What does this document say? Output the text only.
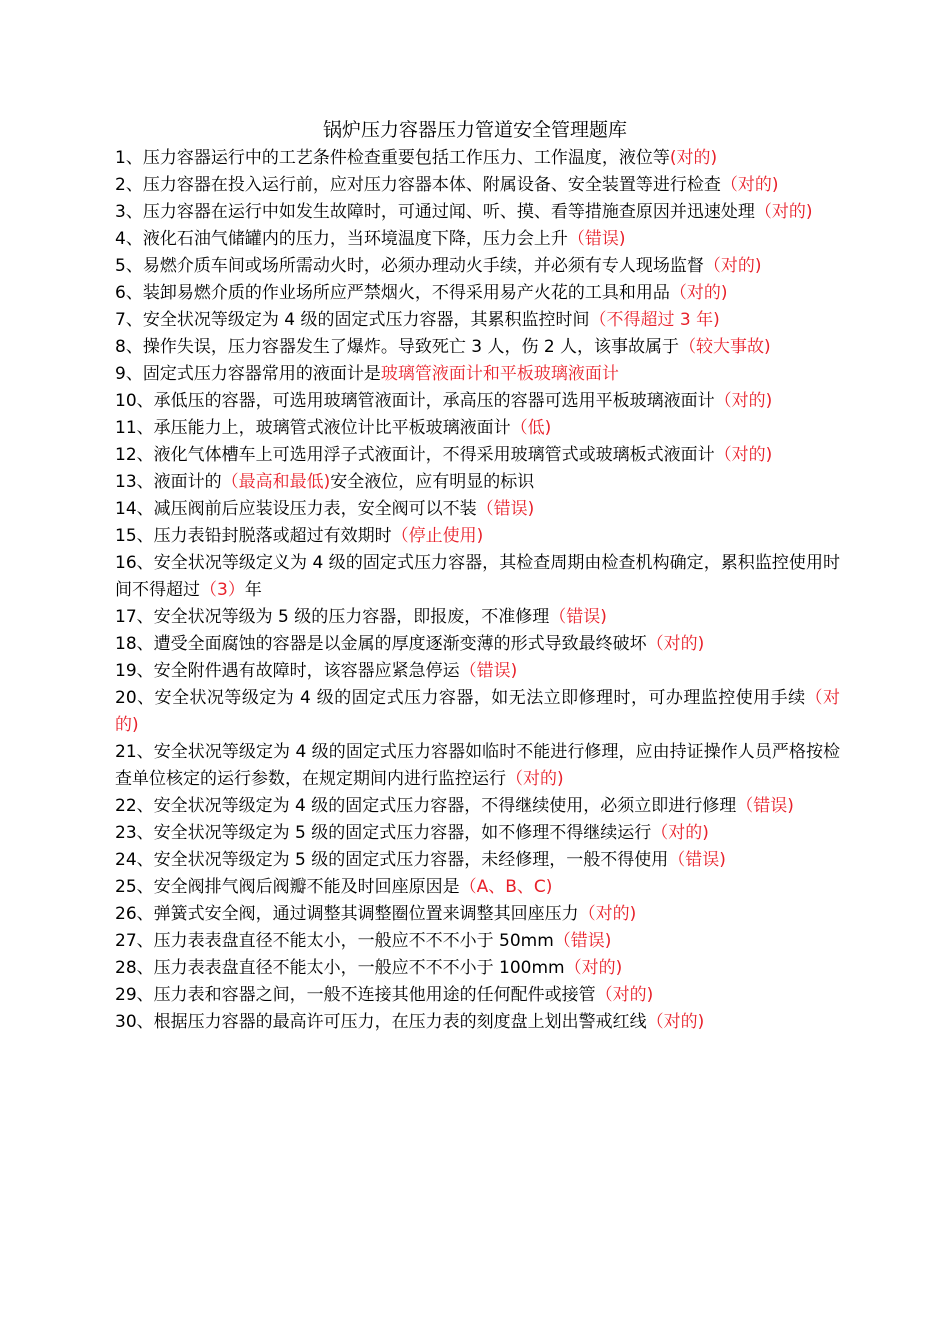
锅炉压力容器压力管道安全管理题库
1、压力容器运行中的工艺条件检查重要包括工作压力、工作温度，液位等(对的)
2、压力容器在投入运行前，应对压力容器本体、附属设备、安全装置等进行检查（对的)
3、压力容器在运行中如发生故障时，可通过闻、听、摸、看等措施查原因并迅速处理（对的)
4、液化石油气储罐内的压力，当环境温度下降，压力会上升（错误)
5、易燃介质车间或场所需动火时，必须办理动火手续，并必须有专人现场监督（对的)
6、装卸易燃介质的作业场所应严禁烟火，不得采用易产火花的工具和用品（对的)
7、安全状况等级定为 4 级的固定式压力容器，其累积监控时间（不得超过 3 年)
8、操作失误，压力容器发生了爆炸。导致死亡 3 人，伤 2 人，该事故属于（较大事故)
9、固定式压力容器常用的液面计是玻璃管液面计和平板玻璃液面计
10、承低压的容器，可选用玻璃管液面计，承高压的容器可选用平板玻璃液面计（对的)
11、承压能力上，玻璃管式液位计比平板玻璃液面计（低)
12、液化气体槽车上可选用浮子式液面计，不得采用玻璃管式或玻璃板式液面计（对的)
13、液面计的（最高和最低)安全液位，应有明显的标识
14、减压阀前后应装设压力表，安全阀可以不装（错误)
15、压力表铅封脱落或超过有效期时（停止使用)
16、安全状况等级定义为 4 级的固定式压力容器，其检查周期由检查机构确定，累积监控使用时间不得超过（3）年
17、安全状况等级为 5 级的压力容器，即报废，不准修理（错误)
18、遭受全面腐蚀的容器是以金属的厚度逐渐变薄的形式导致最终破坏（对的)
19、安全附件遇有故障时，该容器应紧急停运（错误)
20、安全状况等级定为 4 级的固定式压力容器，如无法立即修理时，可办理监控使用手续（对的)
21、安全状况等级定为 4 级的固定式压力容器如临时不能进行修理，应由持证操作人员严格按检查单位核定的运行参数，在规定期间内进行监控运行（对的)
22、安全状况等级定为 4 级的固定式压力容器，不得继续使用，必须立即进行修理（错误)
23、安全状况等级定为 5 级的固定式压力容器，如不修理不得继续运行（对的)
24、安全状况等级定为 5 级的固定式压力容器，未经修理，一般不得使用（错误)
25、安全阀排气阀后阀瓣不能及时回座原因是（A、B、C)
26、弹簧式安全阀，通过调整其调整圈位置来调整其回座压力（对的)
27、压力表表盘直径不能太小，一般应不不不小于 50mm（错误)
28、压力表表盘直径不能太小，一般应不不不小于 100mm（对的)
29、压力表和容器之间，一般不连接其他用途的任何配件或接管（对的)
30、根据压力容器的最高许可压力，在压力表的刻度盘上划出警戒红线（对的)
